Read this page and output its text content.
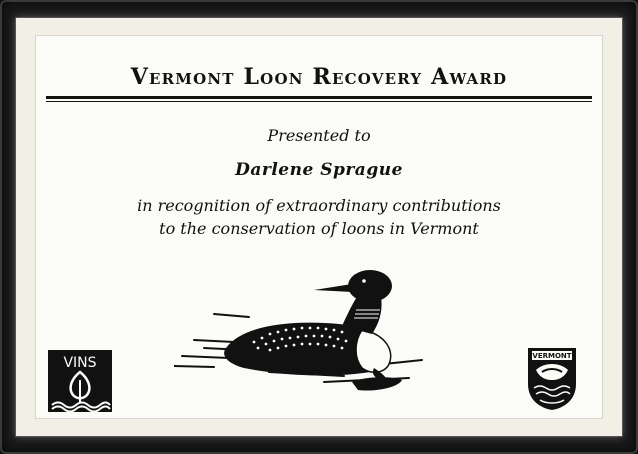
Vermont Loon Recovery Award
Presented to
Darlene Sprague
in recognition of extraordinary contributions
to the conservation of loons in Vermont
VINS	VERMONT
